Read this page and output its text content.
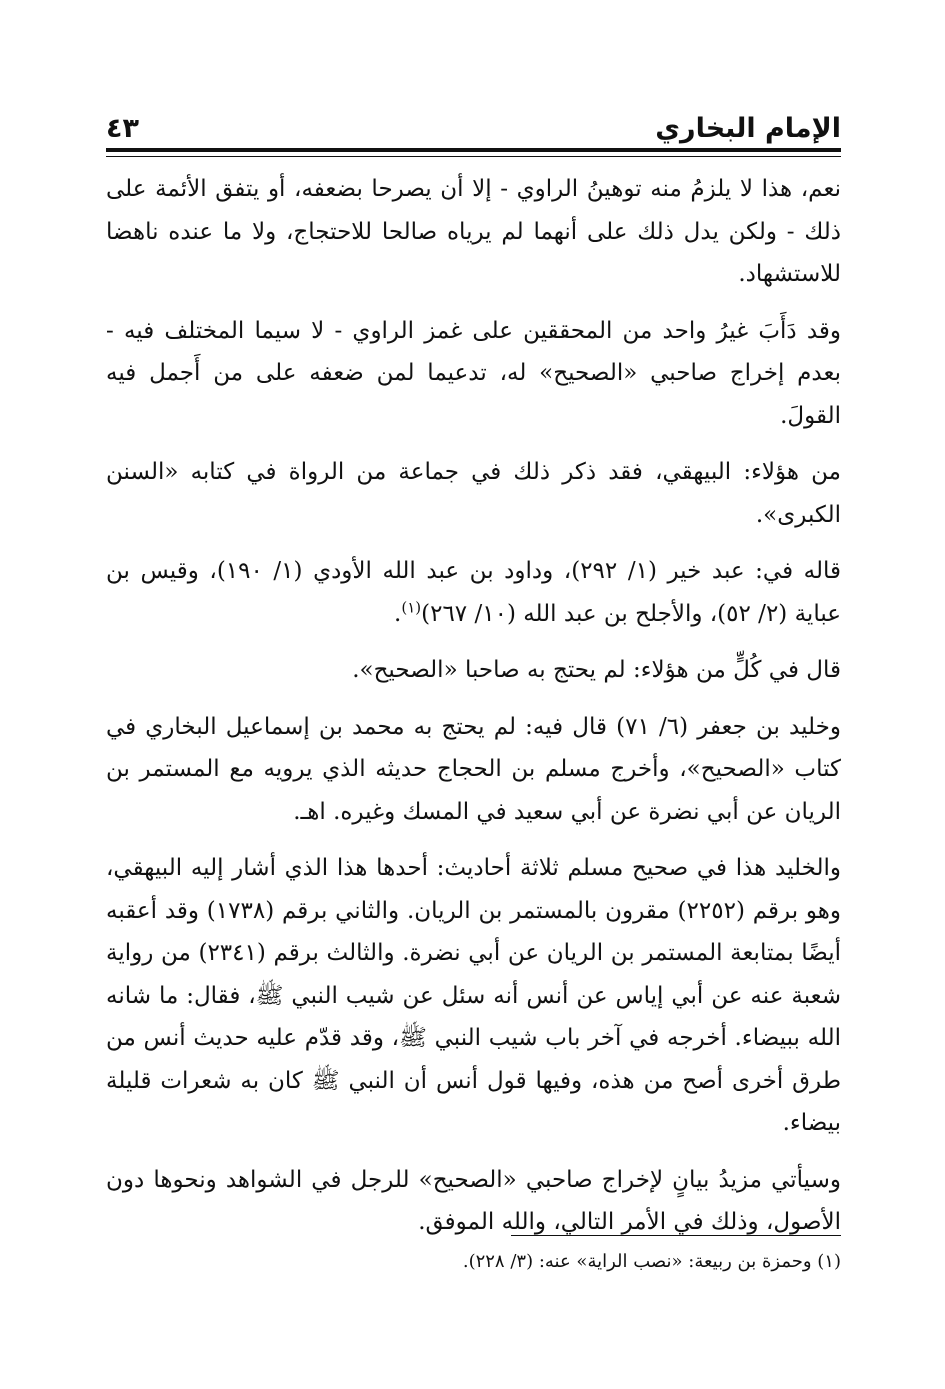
الإمام البخاري
٤٣

نعم، هذا لا يلزمُ منه توهينُ الراوي - إلا أن يصرحا بضعفه، أو يتفق الأئمة على ذلك - ولكن يدل ذلك على أنهما لم يرياه صالحا للاحتجاج، ولا ما عنده ناهضا للاستشهاد.

وقد دَأَبَ غيرُ واحد من المحققين على غمز الراوي - لا سيما المختلف فيه - بعدم إخراج صاحبي «الصحيح» له، تدعيما لمن ضعفه على من أَجمل فيه القولَ.

من هؤلاء: البيهقي، فقد ذكر ذلك في جماعة من الرواة في كتابه «السنن الكبرى».

قاله في: عبد خير (١/ ٢٩٢)، وداود بن عبد الله الأودي (١/ ١٩٠)، وقيس بن عباية (٢/ ٥٢)، والأجلح بن عبد الله (١٠/ ٢٦٧)$^{(١)}$.

قال في كُلٍّ من هؤلاء: لم يحتج به صاحبا «الصحيح».

وخليد بن جعفر (٦/ ٧١) قال فيه: لم يحتج به محمد بن إسماعيل البخاري في كتاب «الصحيح»، وأخرج مسلم بن الحجاج حديثه الذي يرويه مع المستمر بن الريان عن أبي نضرة عن أبي سعيد في المسك وغيره. اهـ.

والخليد هذا في صحيح مسلم ثلاثة أحاديث: أحدها هذا الذي أشار إليه البيهقي، وهو برقم (٢٢٥٢) مقرون بالمستمر بن الريان. والثاني برقم (١٧٣٨) وقد أعقبه أيضًا بمتابعة المستمر بن الريان عن أبي نضرة. والثالث برقم (٢٣٤١) من رواية شعبة عنه عن أبي إياس عن أنس أنه سئل عن شيب النبي ﷺ، فقال: ما شانه الله ببيضاء. أخرجه في آخر باب شيب النبي ﷺ، وقد قدّم عليه حديث أنس من طرق أخرى أصح من هذه، وفيها قول أنس أن النبي ﷺ كان به شعرات قليلة بيضاء.

وسيأتي مزيدُ بيانٍ لإخراج صاحبي «الصحيح» للرجل في الشواهد ونحوها دون الأصول، وذلك في الأمر التالي، والله الموفق.

(١) وحمزة بن ربيعة: «نصب الراية» عنه: (٣/ ٢٢٨).
